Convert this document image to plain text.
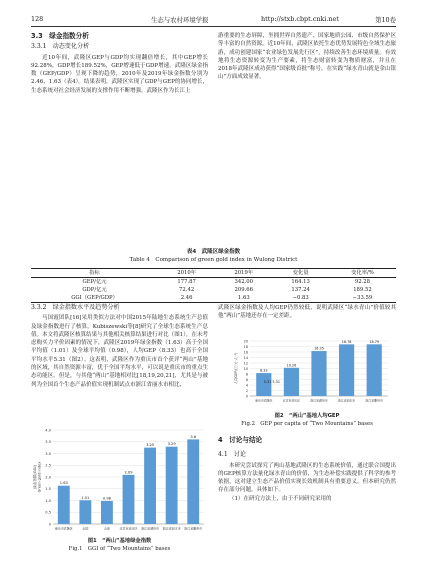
128	生态与农村环境学报	http://stxb.cbpt.cnki.net	第10卷
3.3　绿金指数分析
3.3.1　动态变化分析

近10年间，武隆区GEP与GDP均实现翻倍增长，其中GEP增长92.28%，GDP增长189.52%，GEP增速低于GDP增速。武隆区绿金指数（GEP/GDP）呈现下降的趋势，2010年及2019年绿金指数分别为2.46、1.63（表4）。结果表明，武隆区实现了GDP与GEP的协同增长，生态系统对社会经济发展的支撑作用不断增强。武隆区作为长江上

游重要的生态屏障，坐拥世界自然遗产、国家地质公园、市级自然保护区等丰富的自然资源。近10年间，武隆区依托生态优势发展特色全域生态旅游，成功创建国家“农业绿色发展先行区”，持续改善生态环境质量。有效地将生态资源转变为生产要素，将生态财富转变为物质财富，并且在2018年武隆区成功获得“国家级首批”称号，在实践“绿水青山就是金山银山”方面成效显著。

表4　武隆区绿金指数
Table 4　Comparison of green gold index in Wulong District
指标	2010年	2019年	变化量	变化率/%
GEP/亿元	177.87	342.00	164.13	92.28
GDP/亿元	72.42	209.66	137.24	189.52
GGI（GEP/GDP）	2.46	1.63	−0.83	−33.59
3.3.2　绿金指数水平及趋势分析

马国霞团队[16]采用类似方法对中国2015年陆地生态系统生产总值及绿金指数进行了核算，Kubiszewski等[8]研究了全球生态系统生产总值。本文将武隆区核算结果与其他相关核算结果进行对比（图1），在未考虑购买力平价因素的情况下，武隆区2019年绿金指数（1.63）高于全国平均值（1.01）及全球平均值（0.98），人均GEP（8.33）也高于全国平均水平5.31（图2）。这表明，武隆区作为重庆市首个获评“两山”基地的区域，其自然资源丰富，优于全国平均水平，可以说是重庆市的重点生态功能区。但是，与其他“两山”基地相对比[18,19,20,21]，尤其是与被列为全国首个生态产品价值实现机制试点市浙江省丽水市相比，

武隆区绿金指数及人均GEP仍然较低，说明武隆区“绿水青山”价值较其他“两山”基地还存在一定差距。

0
2
4
6
8
10
12
14
16
18
20
人均GEP/(万元·人⁻¹)	8.33
重庆市武隆区
10.26
北京市延庆区
16.35
浙江省湖州市
18.78
浙江省丽水市
18.79
浙江省衢州市
5.31 5.31
图2　“两山”基地人均GEP
Fig.2　GEP per capita of “Two Mountains” bases
4　讨论与结论
4.1　讨论

本研究尝试探究了两山基地武隆区的生态系统价值，通过联合国提出的GEP核算方法量化绿水青山的价值，为生态补偿实践提供了科学的参考依据，这对建立生态产品价值实现长效机制具有重要意义。但本研究仍然存在部分问题，具体如下。

（1）在研究方法上，由于不同研究采用的

0
0.5
1.0
1.5
2.0
2.5
3.0
3.5
4.0
绿金指数(GGI) Green gold index	1.63
重庆市武隆区
1.01
全国
0.98
全球
2.09
北京市延庆区
3.25
浙江省湖州市
3.29
浙江省丽水市
3.6
浙江省衢州市
图1　“两山”基地绿金指数
Fig.1　GGI of “Two Mountains” bases
